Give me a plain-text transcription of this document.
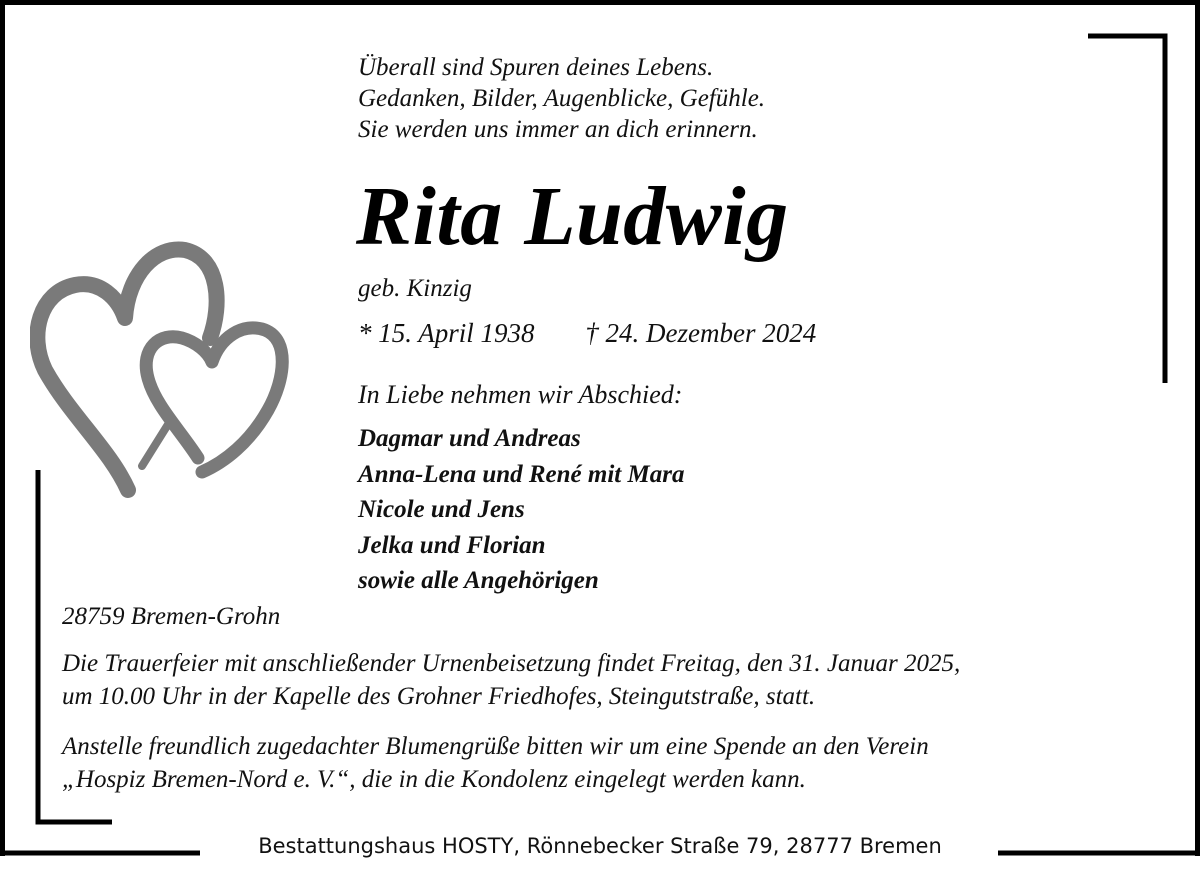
Überall sind Spuren deines Lebens.
Gedanken, Bilder, Augenblicke, Gefühle.
Sie werden uns immer an dich erinnern.
Rita Ludwig
geb. Kinzig
* 15. April 1938 † 24. Dezember 2024
In Liebe nehmen wir Abschied:
Dagmar und Andreas
Anna-Lena und René mit Mara
Nicole und Jens
Jelka und Florian
sowie alle Angehörigen
28759 Bremen-Grohn
Die Trauerfeier mit anschließender Urnenbeisetzung findet Freitag, den 31. Januar 2025,
um 10.00 Uhr in der Kapelle des Grohner Friedhofes, Steingutstraße, statt.
Anstelle freundlich zugedachter Blumengrüße bitten wir um eine Spende an den Verein
„Hospiz Bremen-Nord e. V.“, die in die Kondolenz eingelegt werden kann.
Bestattungshaus HOSTY, Rönnebecker Straße 79, 28777 Bremen
